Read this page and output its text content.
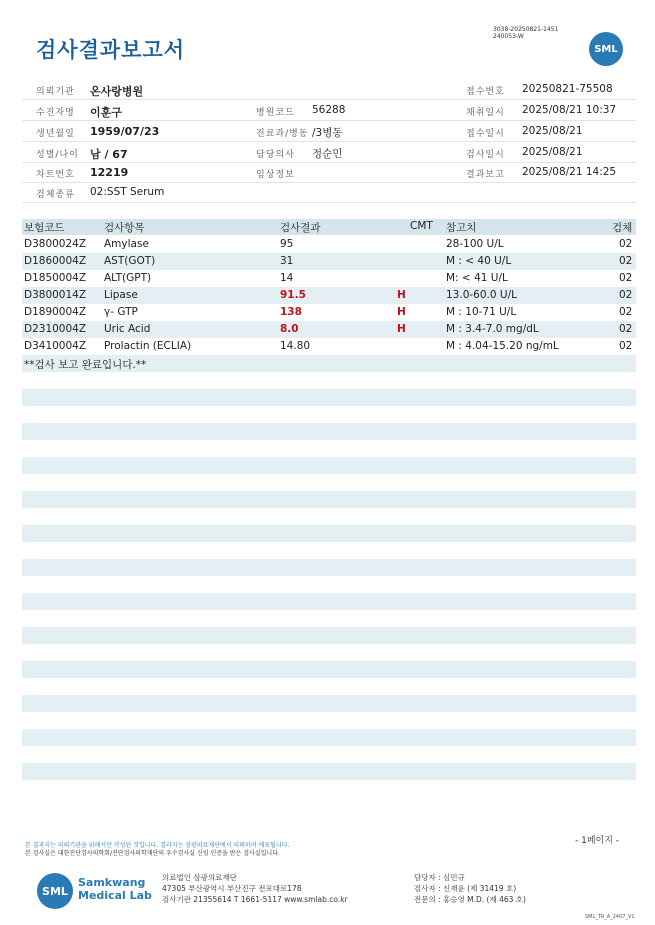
검사결과보고서
3038-20250821-1451
240053-W
SML
의뢰기관 온사랑병원	접수번호 20250821-75508
수진자명 이훈구	병원코드 56288	채취일시 2025/08/21 10:37
생년월일 1959/07/23	진료과/병동 /3병동	접수일시 2025/08/21
성별/나이 남 / 67	담당의사 정순민	검사일시 2025/08/21
차트번호 12219	임상정보	결과보고 2025/08/21 14:25
검체종류 02:SST Serum
보험코드	검사항목	검사결과	CMT 참고치	검체
D3800024Z Amylase	95	28-100 U/L	02
D1860004Z AST(GOT)	31	M : < 40 U/L	02
D1850004Z ALT(GPT)	14	M: < 41 U/L	02
D3800014Z Lipase	91.5	H	13.0-60.0 U/L	02
D1890004Z γ- GTP	138	H	M : 10-71 U/L	02
D2310004Z Uric Acid	8.0	H	M : 3.4-7.0 mg/dL	02
D3410004Z Prolactin (ECLIA)	14.80	M : 4.04-15.20 ng/mL	02
**검사 보고 완료입니다.**
- 1페이지 -
본 결과지는 의뢰기관을 위해서만 작성된 것입니다. 결과지는 삼광의료재단에서 의뢰하며 배포됩니다.
본 검사실은 대한진단검사의학회/진단검사의학재단의 우수검사실 신임 인증을 받은 검사실입니다.
SML
Samkwang
Medical Lab
의료법인 삼광의료재단
47305 부산광역시 부산진구 전포대로178
검사기관 21355614 T 1661-5117 www.smlab.co.kr
담당자 : 심민규
검사자 : 신재윤 (제 31419 호)
전문의 : 홍승영 M.D. (제 463 호)
SML_TR_A_2407_V1
